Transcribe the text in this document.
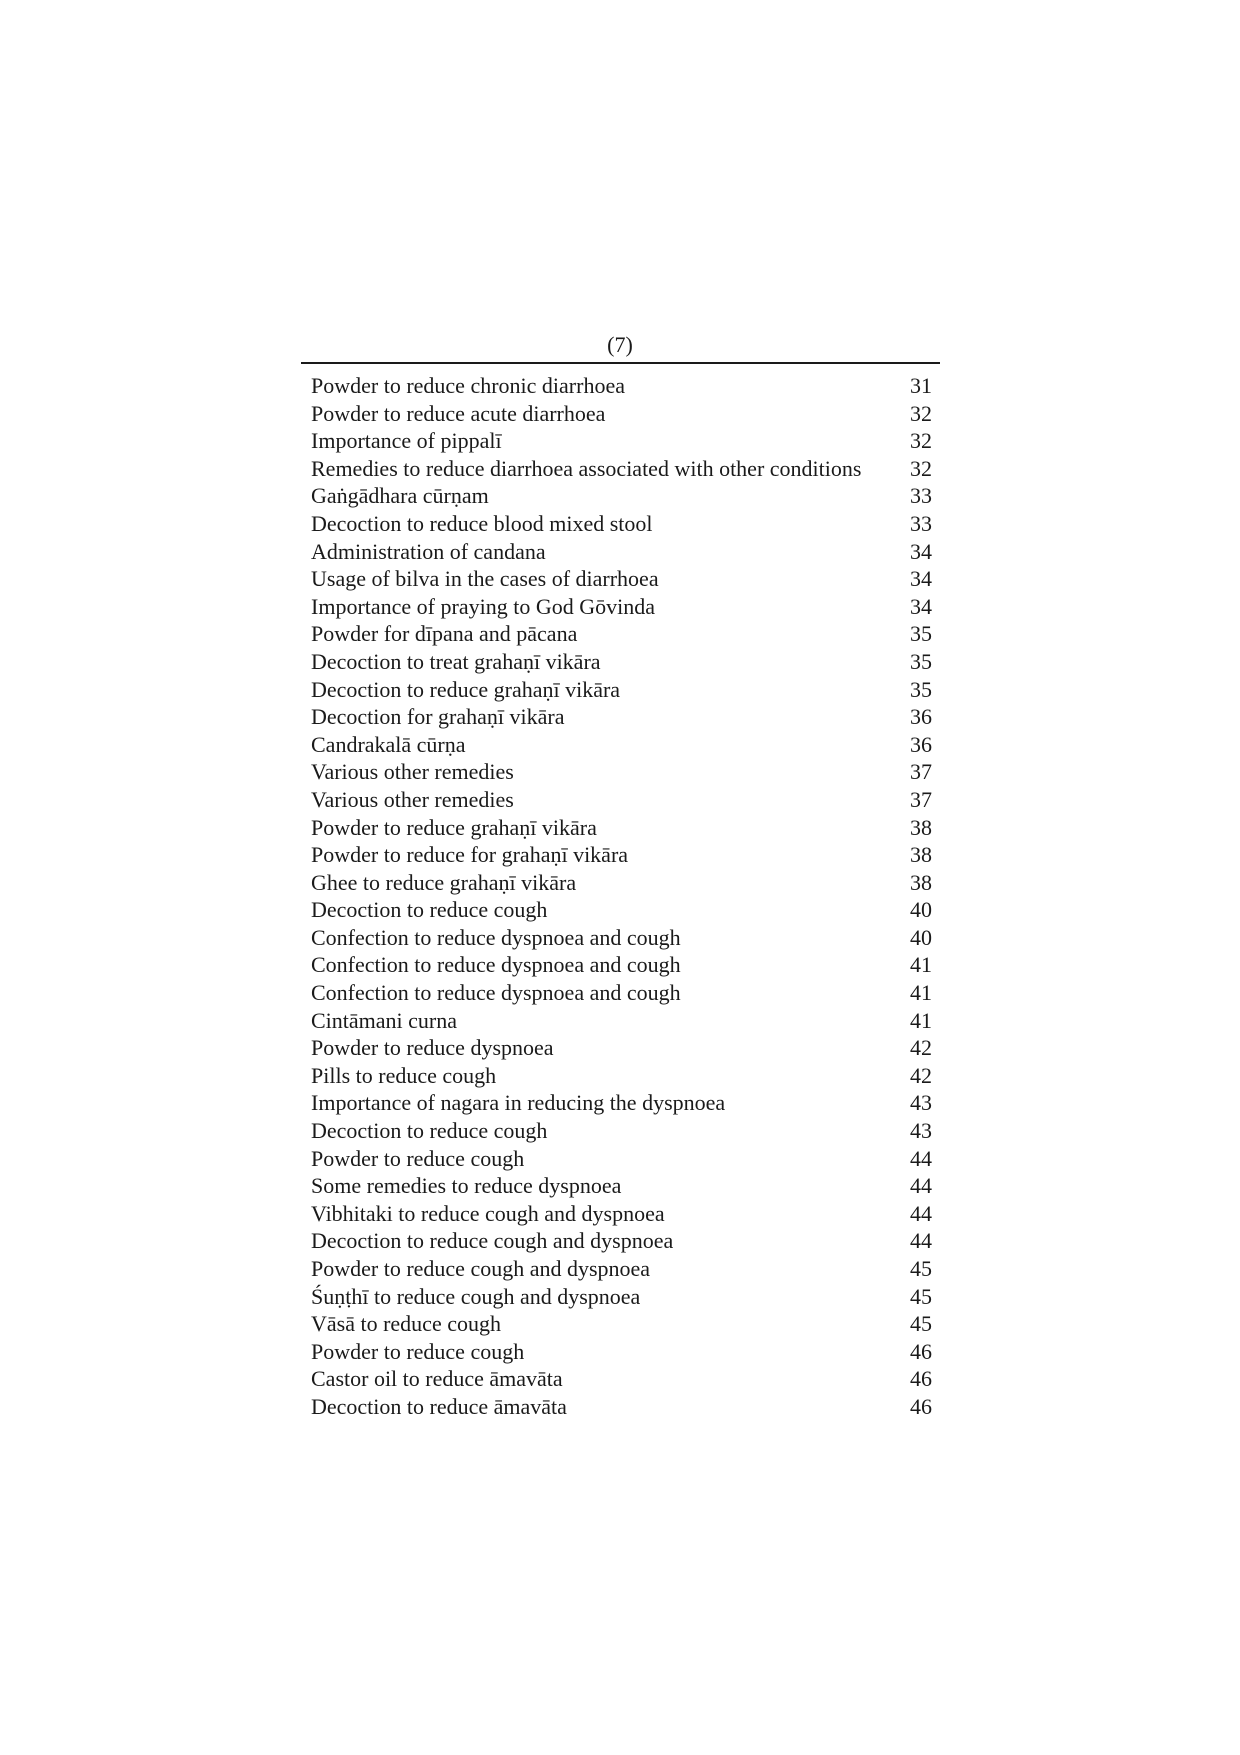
(7)
Powder to reduce chronic diarrhoea	31
Powder to reduce acute diarrhoea	32
Importance of pippalī	32
Remedies to reduce diarrhoea associated with other conditions	32
Gaṅgādhara cūrṇam	33
Decoction to reduce blood mixed stool	33
Administration of candana	34
Usage of bilva in the cases of diarrhoea	34
Importance of praying to God Gōvinda	34
Powder for dīpana and pācana	35
Decoction to treat grahaṇī vikāra	35
Decoction to reduce grahaṇī vikāra	35
Decoction for grahaṇī vikāra	36
Candrakalā cūrṇa	36
Various other remedies	37
Various other remedies	37
Powder to reduce grahaṇī vikāra	38
Powder to reduce for grahaṇī vikāra	38
Ghee to reduce grahaṇī vikāra	38
Decoction to reduce cough	40
Confection to reduce dyspnoea and cough	40
Confection to reduce dyspnoea and cough	41
Confection to reduce dyspnoea and cough	41
Cintāmani curna	41
Powder to reduce dyspnoea	42
Pills to reduce cough	42
Importance of nagara in reducing the dyspnoea	43
Decoction to reduce cough	43
Powder to reduce cough	44
Some remedies to reduce dyspnoea	44
Vibhitaki to reduce cough and dyspnoea	44
Decoction to reduce cough and dyspnoea	44
Powder to reduce cough and dyspnoea	45
Śuṇṭhī to reduce cough and dyspnoea	45
Vāsā to reduce cough	45
Powder to reduce cough	46
Castor oil to reduce āmavāta	46
Decoction to reduce āmavāta	46
